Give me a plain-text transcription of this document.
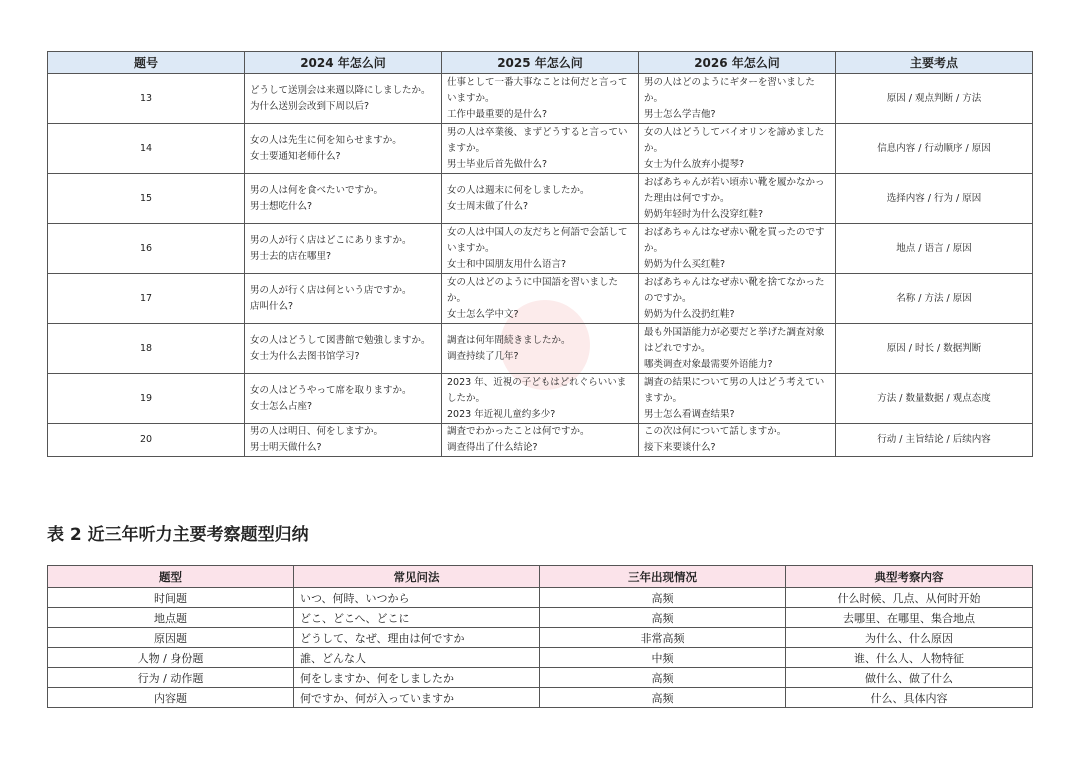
题号	2024 年怎么问	2025 年怎么问	2026 年怎么问	主要考点
13	どうして送別会は来週以降にしましたか。
为什么送别会改到下周以后?	仕事として一番大事なことは何だと言って
いますか。
工作中最重要的是什么?	男の人はどのようにギターを習いました
か。
男士怎么学吉他?	原因 / 观点判断 / 方法
14	女の人は先生に何を知らせますか。
女士要通知老师什么?	男の人は卒業後、まずどうすると言ってい
ますか。
男士毕业后首先做什么?	女の人はどうしてバイオリンを諦めました
か。
女士为什么放弃小提琴?	信息内容 / 行动顺序 / 原因
15	男の人は何を食べたいですか。
男士想吃什么?	女の人は週末に何をしましたか。
女士周末做了什么?	おばあちゃんが若い頃赤い靴を履かなかっ
た理由は何ですか。
奶奶年轻时为什么没穿红鞋?	选择内容 / 行为 / 原因
16	男の人が行く店はどこにありますか。
男士去的店在哪里?	女の人は中国人の友だちと何語で会話して
いますか。
女士和中国朋友用什么语言?	おばあちゃんはなぜ赤い靴を買ったのです
か。
奶奶为什么买红鞋?	地点 / 语言 / 原因
17	男の人が行く店は何という店ですか。
店叫什么?	女の人はどのように中国語を習いました
か。
女士怎么学中文?	おばあちゃんはなぜ赤い靴を捨てなかった
のですか。
奶奶为什么没扔红鞋?	名称 / 方法 / 原因
18	女の人はどうして図書館で勉強しますか。
女士为什么去图书馆学习?	調査は何年間続きましたか。
调查持续了几年?	最も外国語能力が必要だと挙げた調査対象
はどれですか。
哪类调查对象最需要外语能力?	原因 / 时长 / 数据判断
19	女の人はどうやって席を取りますか。
女士怎么占座?	2023 年、近視の子どもはどれぐらいいま
したか。
2023 年近视儿童约多少?	調査の結果について男の人はどう考えてい
ますか。
男士怎么看调查结果?	方法 / 数量数据 / 观点态度
20	男の人は明日、何をしますか。
男士明天做什么?	調査でわかったことは何ですか。
调查得出了什么结论?	この次は何について話しますか。
接下来要谈什么?	行动 / 主旨结论 / 后续内容
表 2 近三年听力主要考察题型归纳
题型	常见问法	三年出现情况	典型考察内容
时间题	いつ、何時、いつから	高频	什么时候、几点、从何时开始
地点题	どこ、どこへ、どこに	高频	去哪里、在哪里、集合地点
原因题	どうして、なぜ、理由は何ですか	非常高频	为什么、什么原因
人物 / 身份题	誰、どんな人	中频	谁、什么人、人物特征
行为 / 动作题	何をしますか、何をしましたか	高频	做什么、做了什么
内容题	何ですか、何が入っていますか	高频	什么、具体内容
